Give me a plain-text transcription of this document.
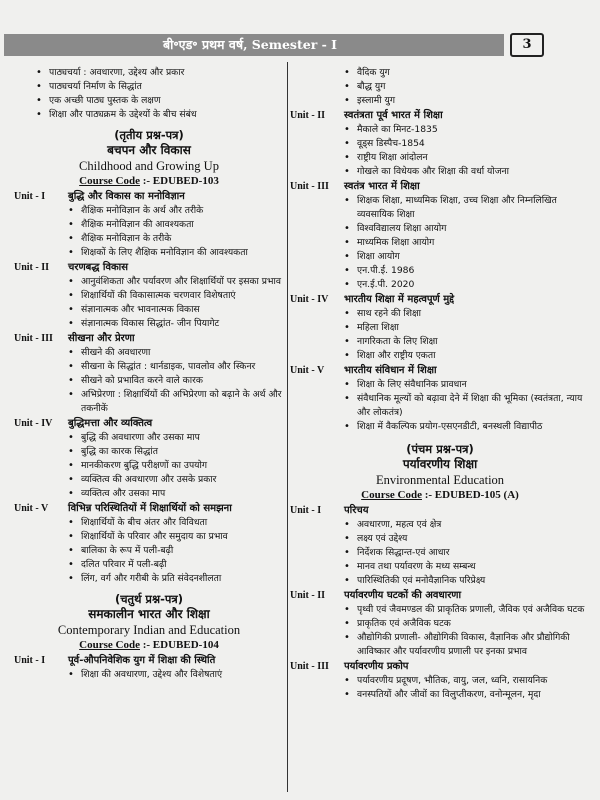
बी॰एड॰ प्रथम वर्ष, Semester - I	3
•
पाठ्यचर्या : अवधारणा, उद्देश्य और प्रकार
•
पाठ्यचर्या निर्माण के सिद्धांत
•
एक अच्छी पाठ्य पुस्तक के लक्षण
•
शिक्षा और पाठ्यक्रम के उद्देश्यों के बीच संबंध
(तृतीय प्रश्न-पत्र)
बचपन और विकास
Childhood and Growing Up
Course Code :- EDUBED-103
Unit - I	बुद्धि और विकास का मनोविज्ञान
•
शैक्षिक मनोविज्ञान के अर्थ और तरीके
•
शैक्षिक मनोविज्ञान की आवश्यकता
•
शैक्षिक मनोविज्ञान के तरीके
•
शिक्षकों के लिए शैक्षिक मनोविज्ञान की आवश्यकता
Unit - II	चरणबद्ध विकास
•
आनुवंशिकता और पर्यावरण और शिक्षार्थियों पर इसका प्रभाव
•
शिक्षार्थियों की विकासात्मक चरणवार विशेषताएं
•
संज्ञानात्मक और भावनात्मक विकास
•
संज्ञानात्मक विकास सिद्धांत- जीन पियागेट
Unit - III	सीखना और प्रेरणा
•
सीखने की अवधारणा
•
सीखना के सिद्धांत : थार्नडाइक, पावलोव और स्किनर
•
सीखने को प्रभावित करने वाले कारक
•
अभिप्रेरणा : शिक्षार्थियों की अभिप्रेरणा को बढ़ाने के अर्थ और तकनीकें
Unit - IV	बुद्धिमत्ता और व्यक्तित्व
•
बुद्धि की अवधारणा और उसका माप
•
बुद्धि का कारक सिद्धांत
•
मानकीकरण बुद्धि परीक्षणों का उपयोग
•
व्यक्तित्व की अवधारणा और उसके प्रकार
•
व्यक्तित्व और उसका माप
Unit - V	विभिन्न परिस्थितियों में शिक्षार्थियों को समझना
•
शिक्षार्थियों के बीच अंतर और विविधता
•
शिक्षार्थियों के परिवार और समुदाय का प्रभाव
•
बालिका के रूप में पली-बढ़ी
•
दलित परिवार में पली-बढ़ी
•
लिंग, वर्ग और गरीबी के प्रति संवेदनशीलता
(चतुर्थ प्रश्न-पत्र)
समकालीन भारत और शिक्षा
Contemporary Indian and Education
Course Code :- EDUBED-104
Unit - I	पूर्व-औपनिवेशिक युग में शिक्षा की स्थिति
•
शिक्षा की अवधारणा, उद्देश्य और विशेषताएं
•
वैदिक युग
•
बौद्ध युग
•
इस्लामी युग
Unit - II	स्वतंत्रता पूर्व भारत में शिक्षा
•
मैकाले का मिनट-1835
•
वूड्स डिस्पैच-1854
•
राष्ट्रीय शिक्षा आंदोलन
•
गोखले का विधेयक और शिक्षा की वर्धा योजना
Unit - III	स्वतंत्र भारत में शिक्षा
•
शिक्षक शिक्षा, माध्यमिक शिक्षा, उच्च शिक्षा और निम्नलिखित व्यवसायिक शिक्षा
•
विश्वविद्यालय शिक्षा आयोग
•
माध्यमिक शिक्षा आयोग
•
शिक्षा आयोग
•
एन.पी.ई. 1986
•
एन.ई.पी. 2020
Unit - IV	भारतीय शिक्षा में महत्वपूर्ण मुद्दे
•
साथ रहने की शिक्षा
•
महिला शिक्षा
•
नागरिकता के लिए शिक्षा
•
शिक्षा और राष्ट्रीय एकता
Unit - V	भारतीय संविधान में शिक्षा
•
शिक्षा के लिए संवैधानिक प्रावधान
•
संवैधानिक मूल्यों को बढ़ावा देने में शिक्षा की भूमिका (स्वतंत्रता, न्याय और लोकतंत्र)
•
शिक्षा में वैकल्पिक प्रयोग-एसएनडीटी, बनस्थली विद्यापीठ
(पंचम प्रश्न-पत्र)
पर्यावरणीय शिक्षा
Environmental Education
Course Code :- EDUBED-105 (A)
Unit - I	परिचय
•
अवधारणा, महत्व एवं क्षेत्र
•
लक्ष्य एवं उद्देश्य
•
निर्देशक सिद्धान्त-एवं आधार
•
मानव तथा पर्यावरण के मध्य सम्बन्ध
•
पारिस्थितिकी एवं मनोवैज्ञानिक परिप्रेक्ष्य
Unit - II	पर्यावरणीय घटकों की अवधारणा
•
पृथ्वी एवं जैवमण्डल की प्राकृतिक प्रणाली, जैविक एवं अजैविक घटक
•
प्राकृतिक एवं अजैविक घटक
•
औद्योगिकी प्रणाली- औद्योगिकी विकास, वैज्ञानिक और प्रौद्योगिकी आविष्कार और पर्यावरणीय प्रणाली पर इनका प्रभाव
Unit - III	पर्यावरणीय प्रकोप
•
पर्यावरणीय प्रदूषण, भौतिक, वायु, जल, ध्वनि, रासायनिक
•
वनस्पतियों और जीवों का विलुप्तीकरण, वनोन्मूलन, मृदा
